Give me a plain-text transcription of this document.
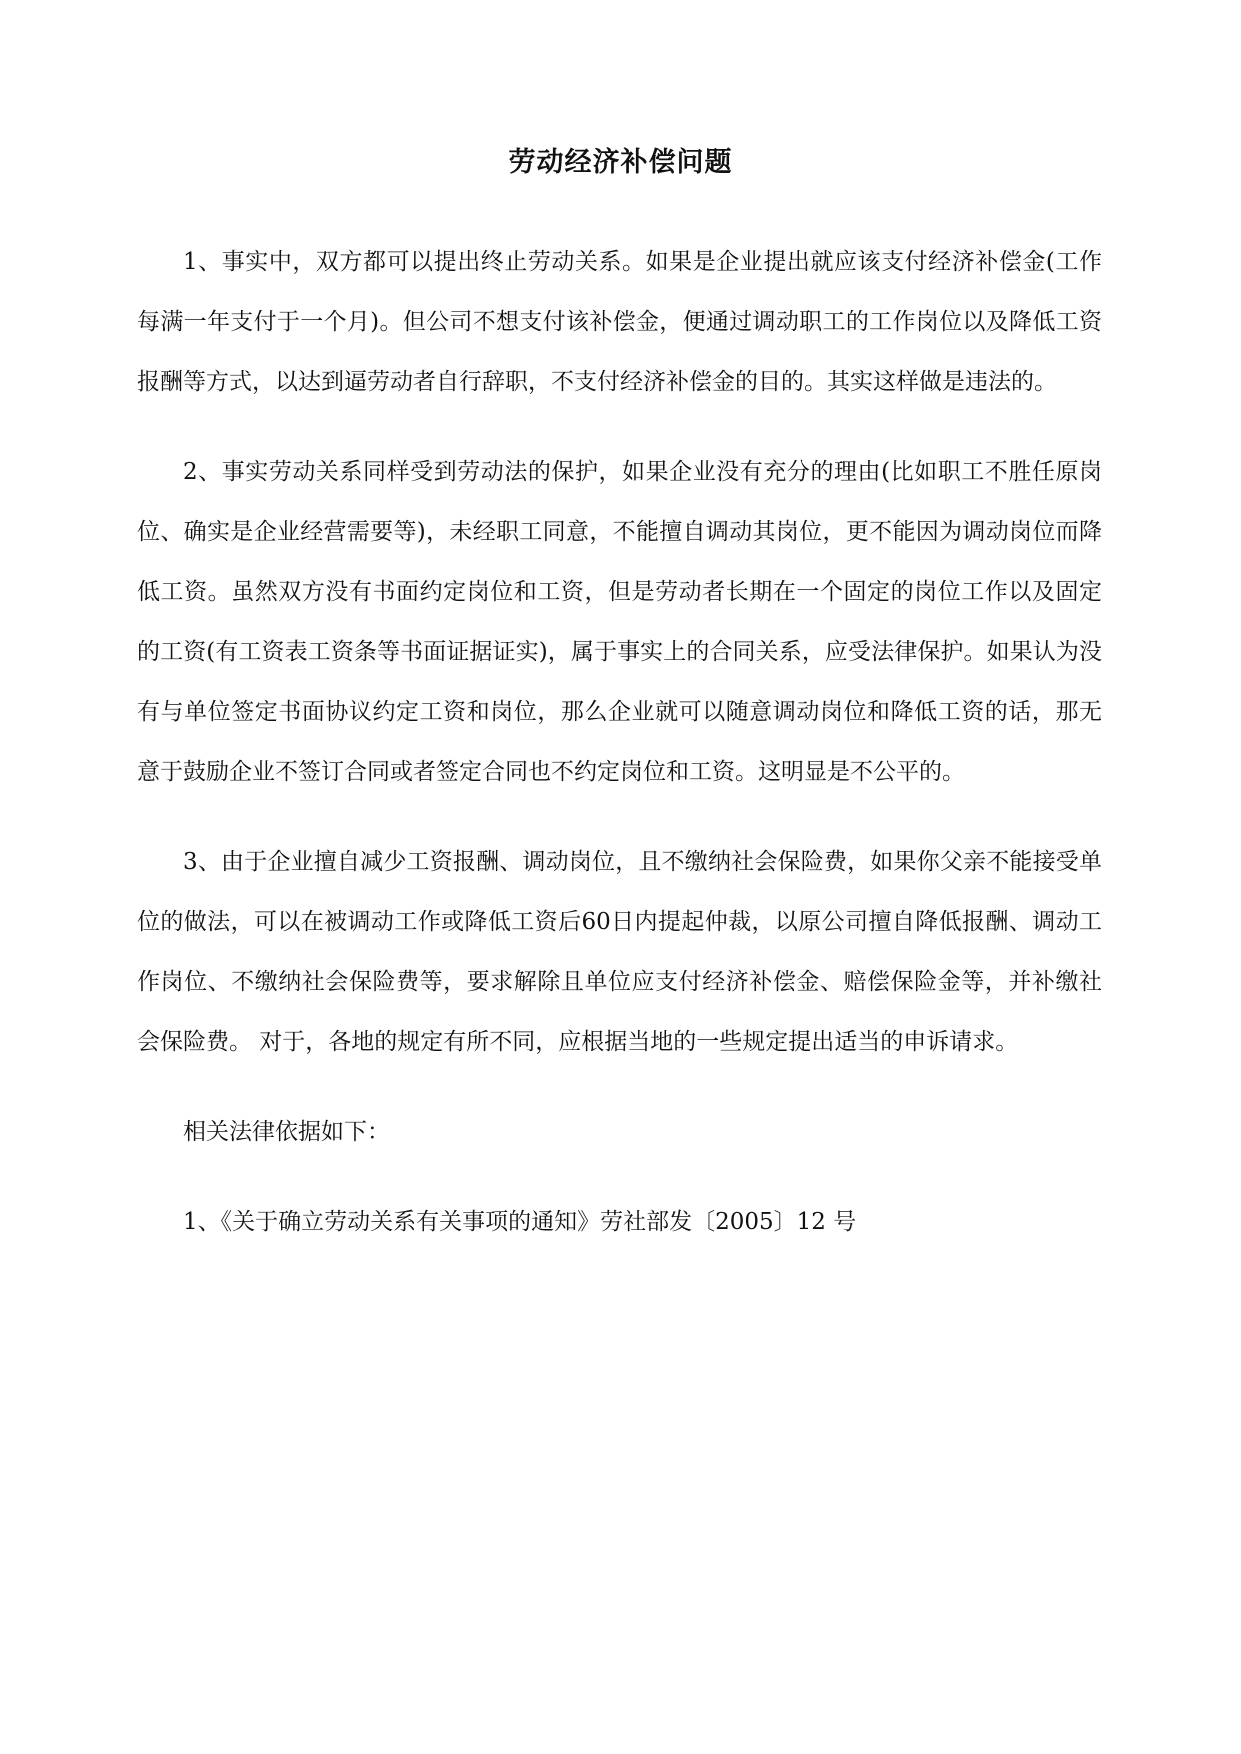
劳动经济补偿问题

1、事实中，双方都可以提出终止劳动关系。如果是企业提出就应该支付经济补偿金(工作每满一年支付于一个月)。但公司不想支付该补偿金，便通过调动职工的工作岗位以及降低工资报酬等方式，以达到逼劳动者自行辞职，不支付经济补偿金的目的。其实这样做是违法的。

2、事实劳动关系同样受到劳动法的保护，如果企业没有充分的理由(比如职工不胜任原岗位、确实是企业经营需要等)，未经职工同意，不能擅自调动其岗位，更不能因为调动岗位而降低工资。虽然双方没有书面约定岗位和工资，但是劳动者长期在一个固定的岗位工作以及固定的工资(有工资表工资条等书面证据证实)，属于事实上的合同关系，应受法律保护。如果认为没有与单位签定书面协议约定工资和岗位，那么企业就可以随意调动岗位和降低工资的话，那无意于鼓励企业不签订合同或者签定合同也不约定岗位和工资。这明显是不公平的。

3、由于企业擅自减少工资报酬、调动岗位，且不缴纳社会保险费，如果你父亲不能接受单位的做法，可以在被调动工作或降低工资后60日内提起仲裁，以原公司擅自降低报酬、调动工作岗位、不缴纳社会保险费等，要求解除且单位应支付经济补偿金、赔偿保险金等，并补缴社会保险费。 对于，各地的规定有所不同，应根据当地的一些规定提出适当的申诉请求。

相关法律依据如下：

1、《关于确立劳动关系有关事项的通知》劳社部发〔2005〕12 号
